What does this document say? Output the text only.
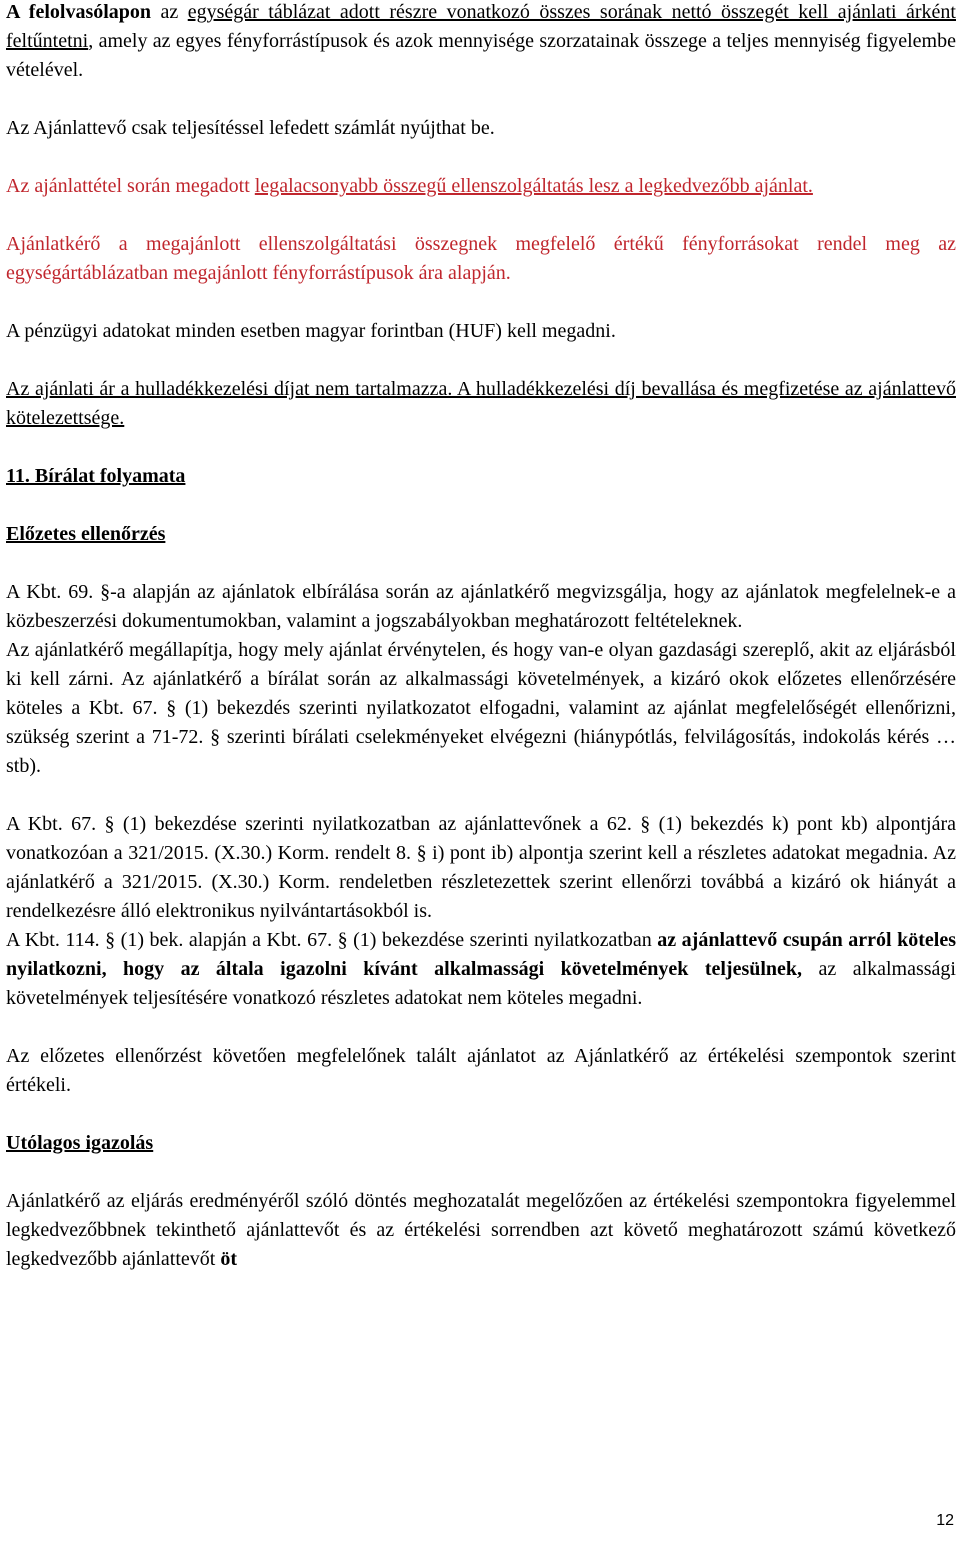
A felolvasólapon az egységár táblázat adott részre vonatkozó összes sorának nettó összegét kell ajánlati árként feltűntetni, amely az egyes fényforrástípusok és azok mennyisége szorzatainak összege a teljes mennyiség figyelembe vételével.

Az Ajánlattevő csak teljesítéssel lefedett számlát nyújthat be.

Az ajánlattétel során megadott legalacsonyabb összegű ellenszolgáltatás lesz a legkedvezőbb ajánlat.

Ajánlatkérő a megajánlott ellenszolgáltatási összegnek megfelelő értékű fényforrásokat rendel meg az egységártáblázatban megajánlott fényforrástípusok ára alapján.

A pénzügyi adatokat minden esetben magyar forintban (HUF) kell megadni.

Az ajánlati ár a hulladékkezelési díjat nem tartalmazza. A hulladékkezelési díj bevallása és megfizetése az ajánlattevő kötelezettsége.

11. Bírálat folyamata
Előzetes ellenőrzés

A Kbt. 69. §-a alapján az ajánlatok elbírálása során az ajánlatkérő megvizsgálja, hogy az ajánlatok megfelelnek-e a közbeszerzési dokumentumokban, valamint a jogszabályokban meghatározott feltételeknek.

Az ajánlatkérő megállapítja, hogy mely ajánlat érvénytelen, és hogy van-e olyan gazdasági szereplő, akit az eljárásból ki kell zárni. Az ajánlatkérő a bírálat során az alkalmassági követelmények, a kizáró okok előzetes ellenőrzésére köteles a Kbt. 67. § (1) bekezdés szerinti nyilatkozatot elfogadni, valamint az ajánlat megfelelőségét ellenőrizni, szükség szerint a 71-72. § szerinti bírálati cselekményeket elvégezni (hiánypótlás, felvilágosítás, indokolás kérés … stb).

A Kbt. 67. § (1) bekezdése szerinti nyilatkozatban az ajánlattevőnek a 62. § (1) bekezdés k) pont kb) alpontjára vonatkozóan a 321/2015. (X.30.) Korm. rendelt 8. § i) pont ib) alpontja szerint kell a részletes adatokat megadnia. Az ajánlatkérő a 321/2015. (X.30.) Korm. rendeletben részletezettek szerint ellenőrzi továbbá a kizáró ok hiányát a rendelkezésre álló elektronikus nyilvántartásokból is.

A Kbt. 114. § (1) bek. alapján a Kbt. 67. § (1) bekezdése szerinti nyilatkozatban az ajánlattevő csupán arról köteles nyilatkozni, hogy az általa igazolni kívánt alkalmassági követelmények teljesülnek, az alkalmassági követelmények teljesítésére vonatkozó részletes adatokat nem köteles megadni.

Az előzetes ellenőrzést követően megfelelőnek talált ajánlatot az Ajánlatkérő az értékelési szempontok szerint értékeli.

Utólagos igazolás

Ajánlatkérő az eljárás eredményéről szóló döntés meghozatalát megelőzően az értékelési szempontokra figyelemmel legkedvezőbbnek tekinthető ajánlattevőt és az értékelési sorrendben azt követő meghatározott számú következő legkedvezőbb ajánlattevőt öt

12
